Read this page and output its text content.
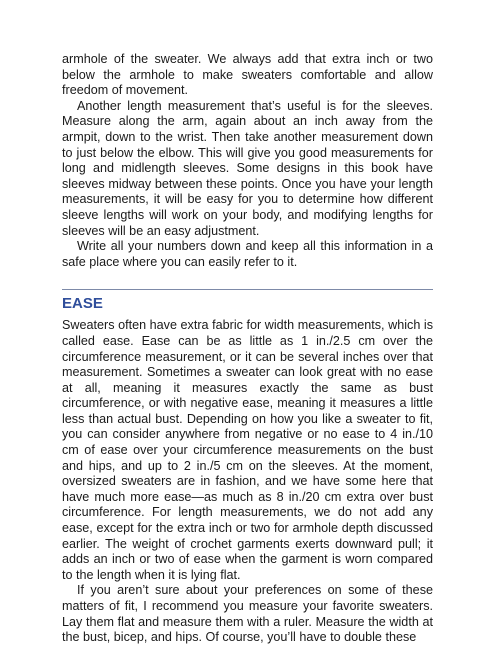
armhole of the sweater. We always add that extra inch or two below the armhole to make sweaters comfortable and allow freedom of movement.

Another length measurement that’s useful is for the sleeves. Measure along the arm, again about an inch away from the armpit, down to the wrist. Then take another measurement down to just below the elbow. This will give you good measurements for long and midlength sleeves. Some designs in this book have sleeves midway between these points. Once you have your length measurements, it will be easy for you to determine how different sleeve lengths will work on your body, and modifying lengths for sleeves will be an easy adjustment.

Write all your numbers down and keep all this information in a safe place where you can easily refer to it.

EASE

Sweaters often have extra fabric for width measurements, which is called ease. Ease can be as little as 1 in./2.5 cm over the circumference measurement, or it can be several inches over that measurement. Sometimes a sweater can look great with no ease at all, meaning it measures exactly the same as bust circumference, or with negative ease, meaning it measures a little less than actual bust. Depending on how you like a sweater to fit, you can consider anywhere from negative or no ease to 4 in./10 cm of ease over your circumference measurements on the bust and hips, and up to 2 in./5 cm on the sleeves. At the moment, oversized sweaters are in fashion, and we have some here that have much more ease—as much as 8 in./20 cm extra over bust circumference. For length measurements, we do not add any ease, except for the extra inch or two for armhole depth discussed earlier. The weight of crochet garments exerts downward pull; it adds an inch or two of ease when the garment is worn compared to the length when it is lying flat.

If you aren’t sure about your preferences on some of these matters of fit, I recommend you measure your favorite sweaters. Lay them flat and measure them with a ruler. Measure the width at the bust, bicep, and hips. Of course, you’ll have to double these
